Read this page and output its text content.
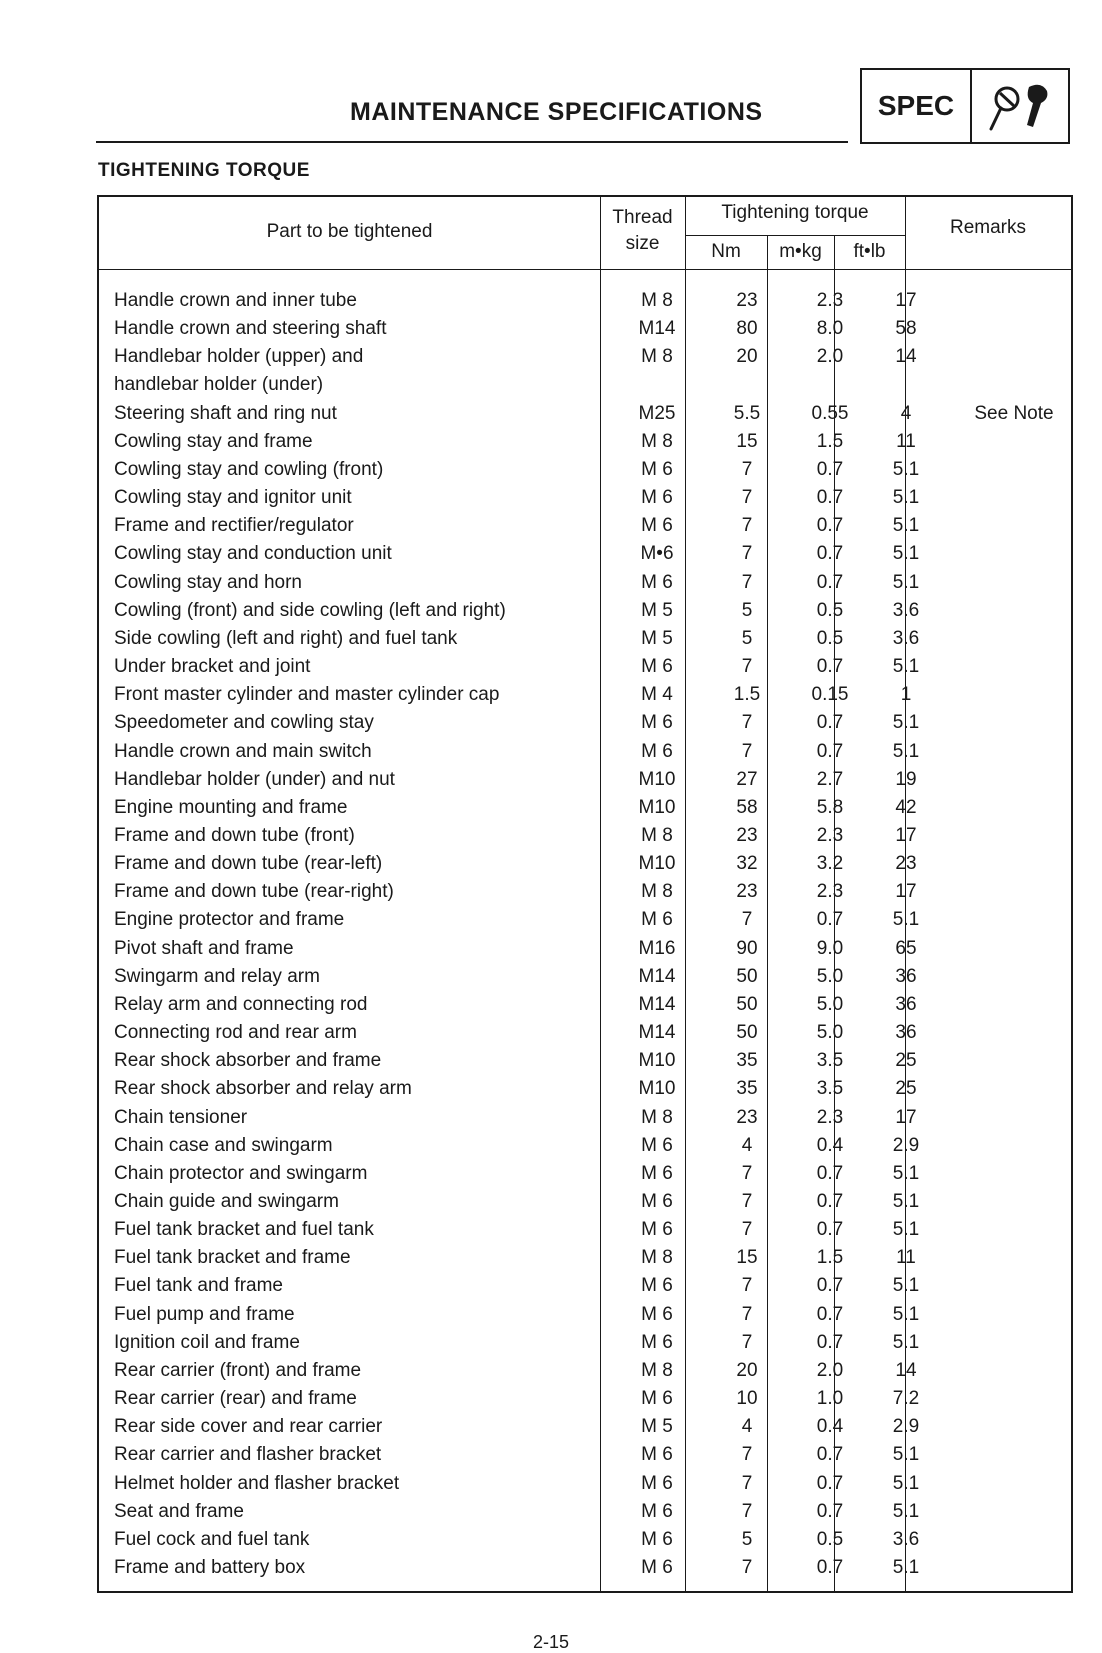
MAINTENANCE SPECIFICATIONS	SPEC
TIGHTENING TORQUE
Part to be tightened
Thread
size
Tightening torque
Nm	m•kg	ft•lb
Remarks
Handle crown and inner tube	M 8	23	2.3	17
Handle crown and steering shaft	M14	80	8.0	58
Handlebar holder (upper) and	M 8	20	2.0	14
handlebar holder (under)
Steering shaft and ring nut	M25	5.5	0.55	4	See Note
Cowling stay and frame	M 8	15	1.5	11
Cowling stay and cowling (front)	M 6	7	0.7	5.1
Cowling stay and ignitor unit	M 6	7	0.7	5.1
Frame and rectifier/regulator	M 6	7	0.7	5.1
Cowling stay and conduction unit	M•6	7	0.7	5.1
Cowling stay and horn	M 6	7	0.7	5.1
Cowling (front) and side cowling (left and right)	M 5	5	0.5	3.6
Side cowling (left and right) and fuel tank	M 5	5	0.5	3.6
Under bracket and joint	M 6	7	0.7	5.1
Front master cylinder and master cylinder cap	M 4	1.5	0.15	1
Speedometer and cowling stay	M 6	7	0.7	5.1
Handle crown and main switch	M 6	7	0.7	5.1
Handlebar holder (under) and nut	M10	27	2.7	19
Engine mounting and frame	M10	58	5.8	42
Frame and down tube (front)	M 8	23	2.3	17
Frame and down tube (rear-left)	M10	32	3.2	23
Frame and down tube (rear-right)	M 8	23	2.3	17
Engine protector and frame	M 6	7	0.7	5.1
Pivot shaft and frame	M16	90	9.0	65
Swingarm and relay arm	M14	50	5.0	36
Relay arm and connecting rod	M14	50	5.0	36
Connecting rod and rear arm	M14	50	5.0	36
Rear shock absorber and frame	M10	35	3.5	25
Rear shock absorber and relay arm	M10	35	3.5	25
Chain tensioner	M 8	23	2.3	17
Chain case and swingarm	M 6	4	0.4	2.9
Chain protector and swingarm	M 6	7	0.7	5.1
Chain guide and swingarm	M 6	7	0.7	5.1
Fuel tank bracket and fuel tank	M 6	7	0.7	5.1
Fuel tank bracket and frame	M 8	15	1.5	11
Fuel tank and frame	M 6	7	0.7	5.1
Fuel pump and frame	M 6	7	0.7	5.1
Ignition coil and frame	M 6	7	0.7	5.1
Rear carrier (front) and frame	M 8	20	2.0	14
Rear carrier (rear) and frame	M 6	10	1.0	7.2
Rear side cover and rear carrier	M 5	4	0.4	2.9
Rear carrier and flasher bracket	M 6	7	0.7	5.1
Helmet holder and flasher bracket	M 6	7	0.7	5.1
Seat and frame	M 6	7	0.7	5.1
Fuel cock and fuel tank	M 6	5	0.5	3.6
Frame and battery box	M 6	7	0.7	5.1
2-15
